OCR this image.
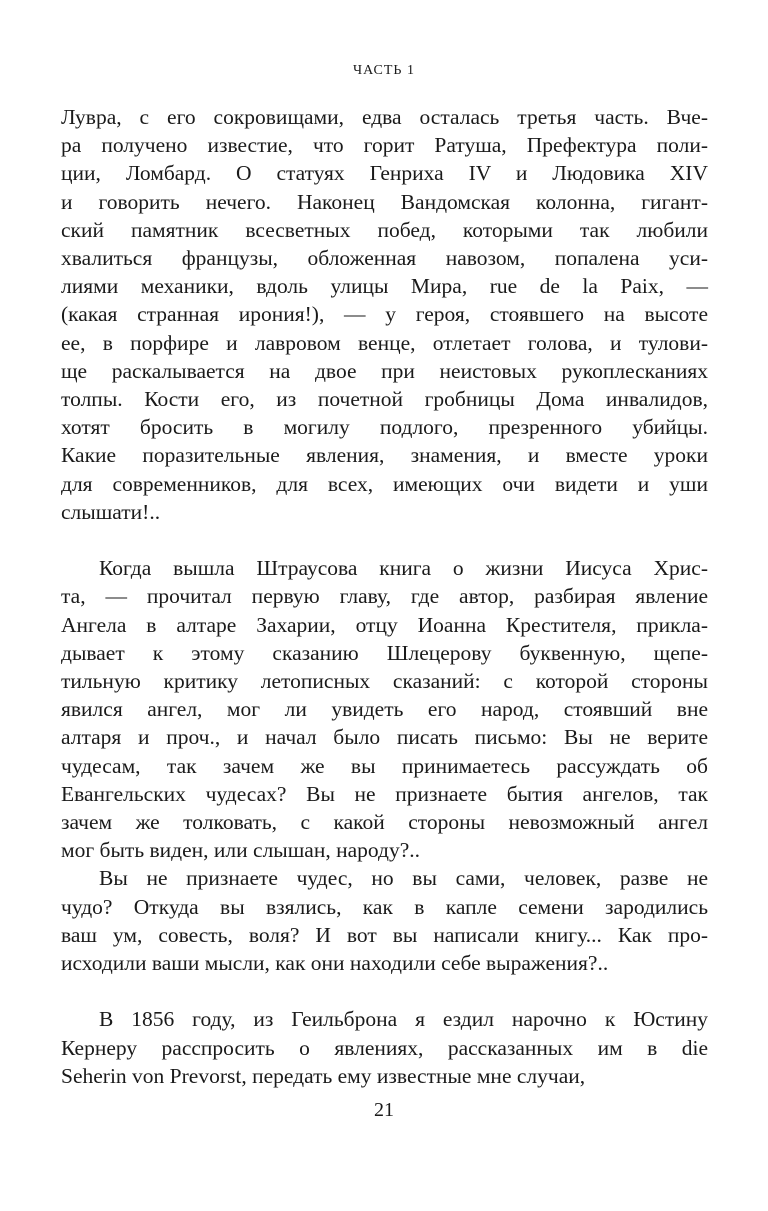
ЧАСТЬ 1
Лувра, с его сокровищами, едва осталась третья часть. Вче-
ра получено известие, что горит Ратуша, Префектура поли-
ции, Ломбард. О статуях Генриха IV и Людовика XIV
и говорить нечего. Наконец Вандомская колонна, гигант-
ский памятник всесветных побед, которыми так любили
хвалиться французы, обложенная навозом, попалена уси-
лиями механики, вдоль улицы Мира, rue de la Paix, —
(какая странная ирония!), — у героя, стоявшего на высоте
ее, в порфире и лавровом венце, отлетает голова, и тулови-
ще раскалывается на двое при неистовых рукоплесканиях
толпы. Кости его, из почетной гробницы Дома инвалидов,
хотят бросить в могилу подлого, презренного убийцы.
Какие поразительные явления, знамения, и вместе уроки
для современников, для всех, имеющих очи видети и уши
слышати!..
Когда вышла Штраусова книга о жизни Иисуса Хрис-
та, — прочитал первую главу, где автор, разбирая явление
Ангела в алтаре Захарии, отцу Иоанна Крестителя, прикла-
дывает к этому сказанию Шлецерову буквенную, щепе-
тильную критику летописных сказаний: с которой стороны
явился ангел, мог ли увидеть его народ, стоявший вне
алтаря и проч., и начал было писать письмо: Вы не верите
чудесам, так зачем же вы принимаетесь рассуждать об
Евангельских чудесах? Вы не признаете бытия ангелов, так
зачем же толковать, с какой стороны невозможный ангел
мог быть виден, или слышан, народу?..
Вы не признаете чудес, но вы сами, человек, разве не
чудо? Откуда вы взялись, как в капле семени зародились
ваш ум, совесть, воля? И вот вы написали книгу... Как про-
исходили ваши мысли, как они находили себе выражения?..
В 1856 году, из Геильброна я ездил нарочно к Юстину
Кернеру расспросить о явлениях, рассказанных им в die
Seherin von Prevorst, передать ему известные мне случаи,
21
